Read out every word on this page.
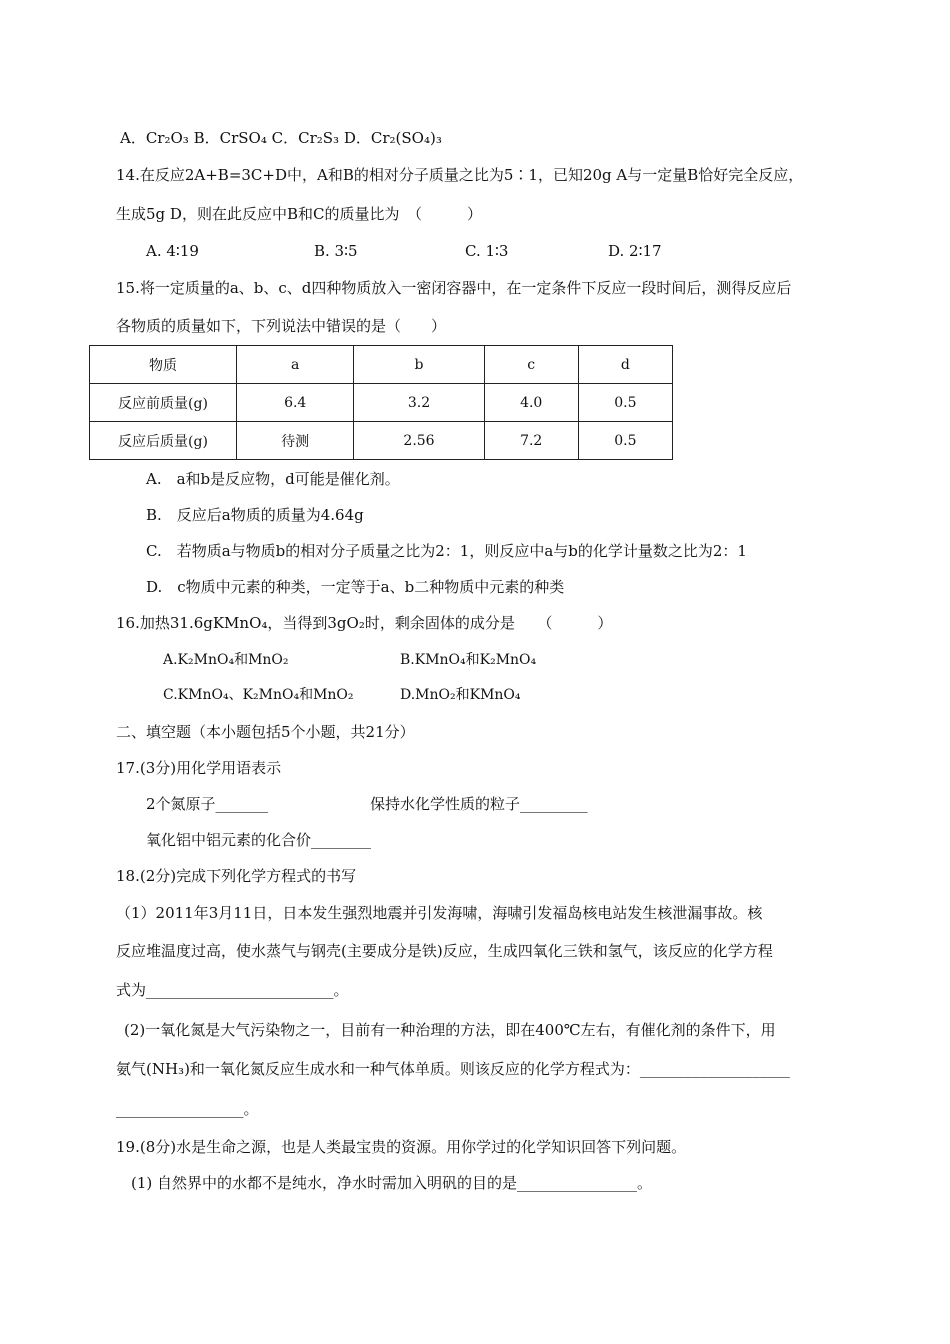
A．Cr₂O₃ B．CrSO₄ C．Cr₂S₃ D．Cr₂(SO₄)₃
14.在反应2A+B=3C+D中，A和B的相对分子质量之比为5∶1，已知20g A与一定量B恰好完全反应，
生成5g D，则在此反应中B和C的质量比为　（　　　）
A. 4∶19	B. 3∶5	C. 1∶3	D. 2∶17
15.将一定质量的a、b、c、d四种物质放入一密闭容器中，在一定条件下反应一段时间后，测得反应后
各物质的质量如下，下列说法中错误的是（　　）
物质	a	b	c	d
反应前质量(g)	6.4	3.2	4.0	0.5
反应后质量(g)	待测	2.56	7.2	0.5
A.　a和b是反应物，d可能是催化剂。
B.　反应后a物质的质量为4.64g
C.　若物质a与物质b的相对分子质量之比为2：1，则反应中a与b的化学计量数之比为2：1
D.　c物质中元素的种类，一定等于a、b二种物质中元素的种类
16.加热31.6gKMnO₄，当得到3gO₂时，剩余固体的成分是　　（　　　）
A.K₂MnO₄和MnO₂	B.KMnO₄和K₂MnO₄
C.KMnO₄、K₂MnO₄和MnO₂	D.MnO₂和KMnO₄
二、填空题（本小题包括5个小题，共21分）
17.(3分)用化学用语表示
2个氮原子_______	保持水化学性质的粒子_________
氧化铝中铝元素的化合价________
18.(2分)完成下列化学方程式的书写
（1）2011年3月11日，日本发生强烈地震并引发海啸，海啸引发福岛核电站发生核泄漏事故。核
反应堆温度过高，使水蒸气与钢壳(主要成分是铁)反应，生成四氧化三铁和氢气，该反应的化学方程
式为_________________________。
(2)一氧化氮是大气污染物之一，目前有一种治理的方法，即在400℃左右，有催化剂的条件下，用
氨气(NH₃)和一氧化氮反应生成水和一种气体单质。则该反应的化学方程式为：____________________
_________________。
19.(8分)水是生命之源，也是人类最宝贵的资源。用你学过的化学知识回答下列问题。
(1) 自然界中的水都不是纯水，净水时需加入明矾的目的是________________。
